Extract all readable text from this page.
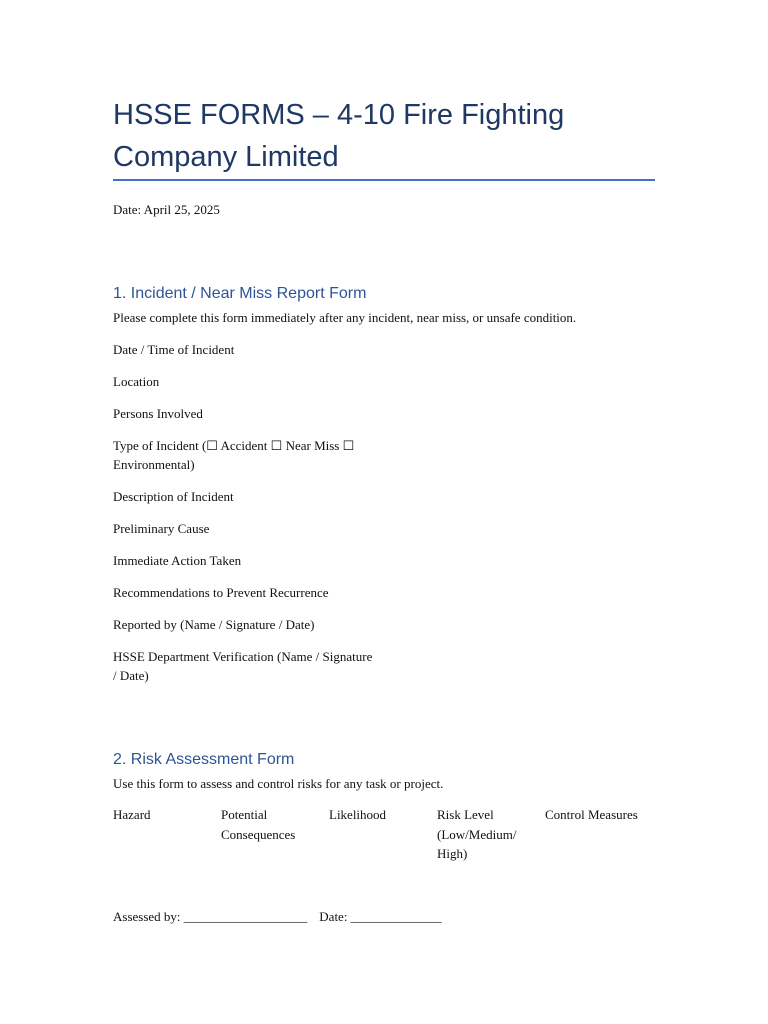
HSSE FORMS – 4-10 Fire Fighting Company Limited
Date: April 25, 2025
1. Incident / Near Miss Report Form

Please complete this form immediately after any incident, near miss, or unsafe condition.

Date / Time of Incident
Location
Persons Involved
Type of Incident (☐ Accident ☐ Near Miss ☐ Environmental)
Description of Incident
Preliminary Cause
Immediate Action Taken
Recommendations to Prevent Recurrence
Reported by (Name / Signature / Date)
HSSE Department Verification (Name / Signature / Date)
2. Risk Assessment Form

Use this form to assess and control risks for any task or project.

Hazard	Potential Consequences
Likelihood	Risk Level (Low/Medium/ High)
Control Measures
Assessed by: ___________________ Date: ______________
